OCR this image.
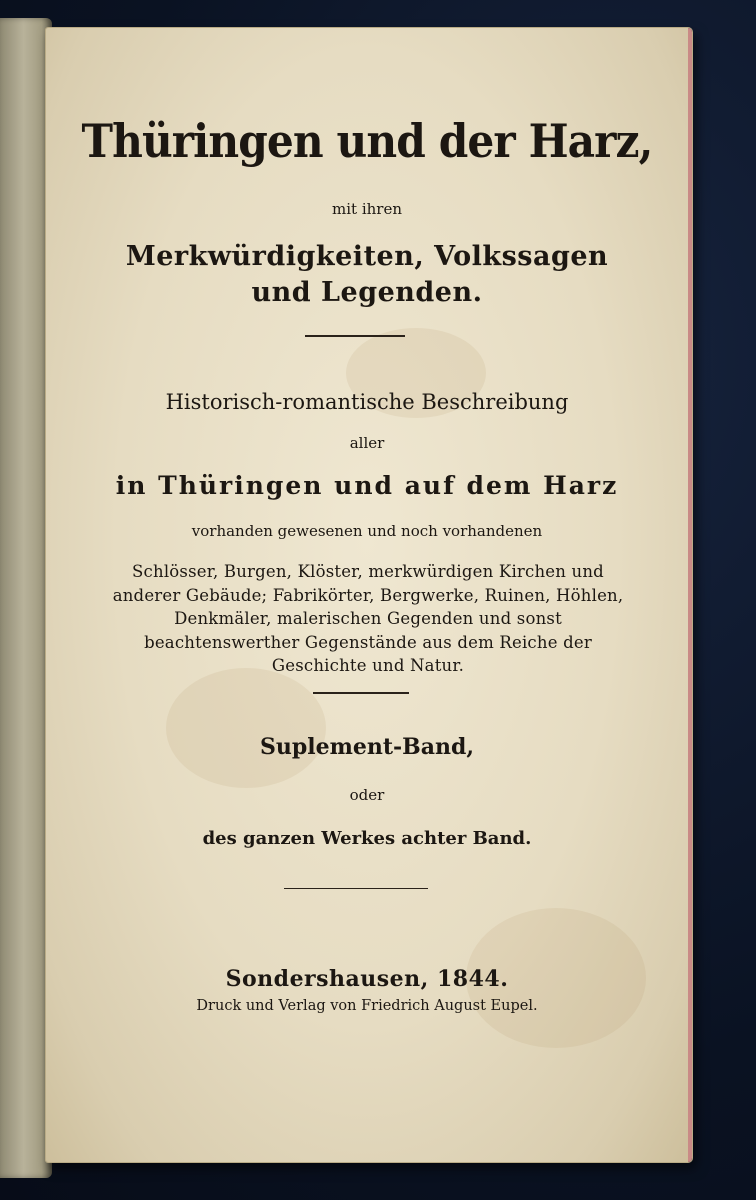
Thüringen und der Harz,
mit ihren
Merkwürdigkeiten, Volkssagen
und Legenden.
Historisch-romantische Beschreibung
aller
in Thüringen und auf dem Harz
vorhanden gewesenen und noch vorhandenen
Schlösser, Burgen, Klöster, merkwürdigen Kirchen und anderer Gebäude; Fabrikörter, Bergwerke, Ruinen, Höhlen, Denkmäler, malerischen Gegenden und sonst beachtenswerther Gegenstände aus dem Reiche der Geschichte und Natur.
Suplement-Band,
oder
des ganzen Werkes achter Band.
Sondershausen, 1844.
Druck und Verlag von Friedrich August Eupel.
